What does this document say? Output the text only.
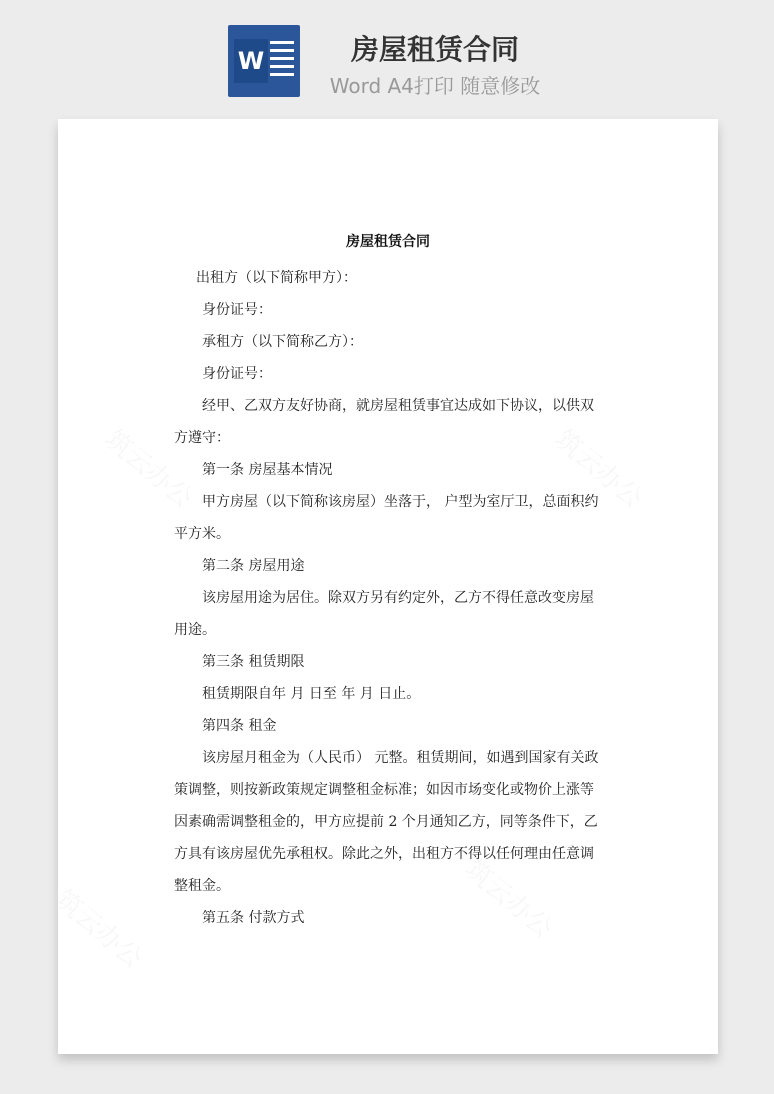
W	房屋租赁合同
Word A4打印 随意修改
房屋租赁合同

出租方（以下简称甲方）：

身份证号：

承租方（以下简称乙方）：

身份证号：

经甲、乙双方友好协商，就房屋租赁事宜达成如下协议，以供双方遵守：

第一条 房屋基本情况

甲方房屋（以下简称该房屋）坐落于， 户型为室厅卫，总面积约 平方米。

第二条 房屋用途

该房屋用途为居住。除双方另有约定外，乙方不得任意改变房屋用途。

第三条 租赁期限

租赁期限自年 月 日至 年 月 日止。

第四条 租金

该房屋月租金为（人民币） 元整。租赁期间，如遇到国家有关政策调整，则按新政策规定调整租金标准；如因市场变化或物价上涨等因素确需调整租金的，甲方应提前 2 个月通知乙方，同等条件下，乙方具有该房屋优先承租权。除此之外，出租方不得以任何理由任意调整租金。

第五条 付款方式
